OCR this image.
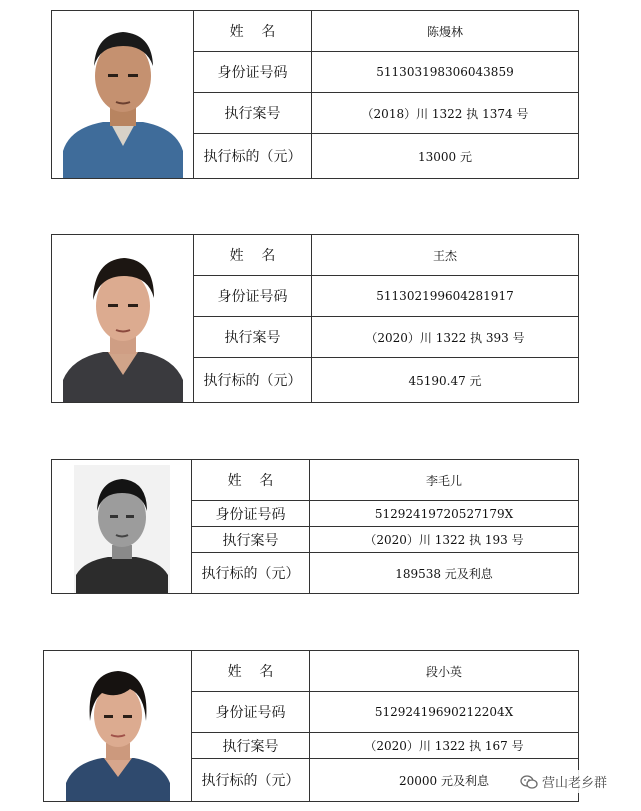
姓    名	陈熳林
身份证号码	511303198306043859
执行案号	（2018）川 1322 执 1374 号
执行标的（元）	13000 元
姓    名	王杰
身份证号码	511302199604281917
执行案号	（2020）川 1322 执 393 号
执行标的（元）	45190.47 元
姓    名	李毛儿
身份证号码	51292419720527179X
执行案号	（2020）川 1322 执 193 号
执行标的（元）	189538 元及利息
姓    名	段小英
身份证号码	51292419690212204X
执行案号	（2020）川 1322 执 167 号
执行标的（元）	20000 元及利息	营山老乡群
